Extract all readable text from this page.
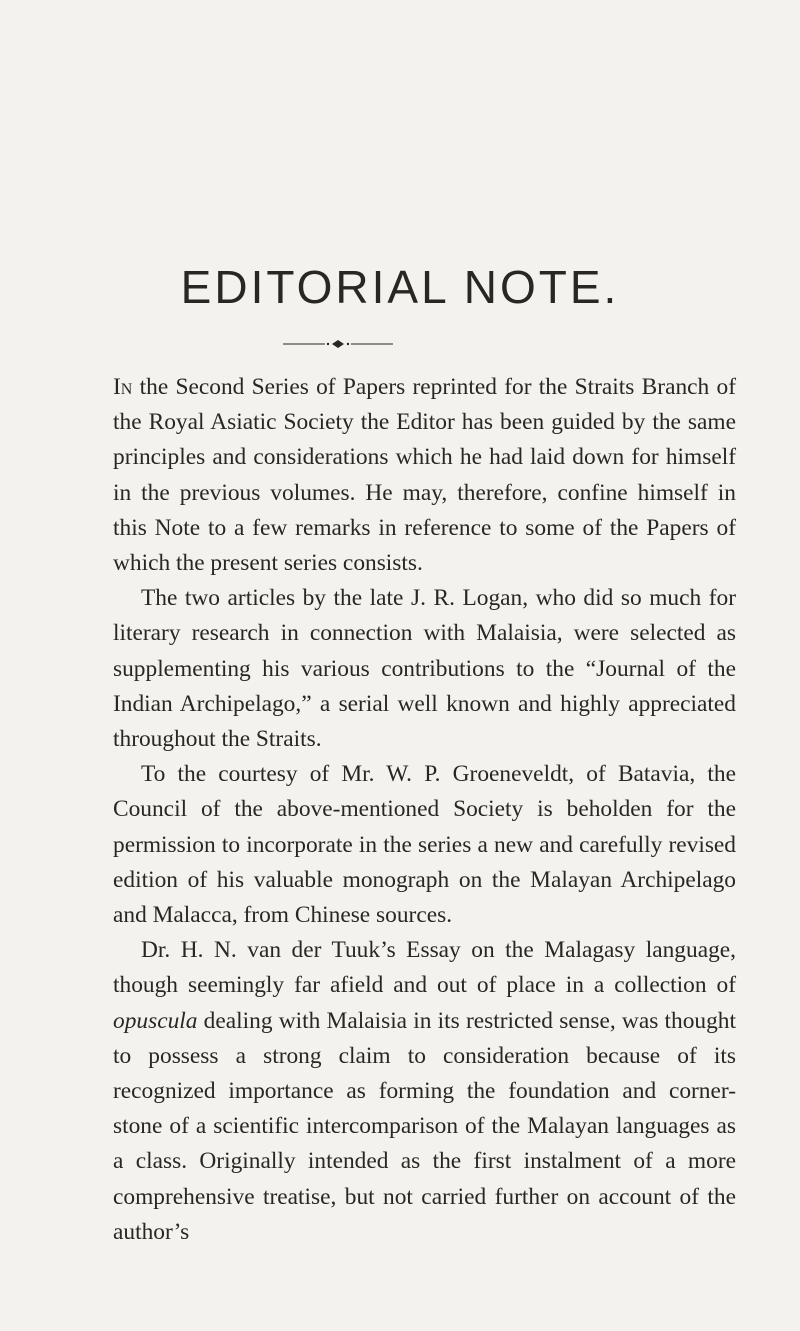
EDITORIAL NOTE.

In the Second Series of Papers reprinted for the Straits Branch of the Royal Asiatic Society the Editor has been guided by the same principles and considerations which he had laid down for himself in the previous volumes. He may, therefore, confine himself in this Note to a few remarks in reference to some of the Papers of which the present series consists.

The two articles by the late J. R. Logan, who did so much for literary research in connection with Malaisia, were selected as supplementing his various contributions to the “Journal of the Indian Archipelago,” a serial well known and highly appreciated throughout the Straits.

To the courtesy of Mr. W. P. Groeneveldt, of Batavia, the Council of the above-mentioned Society is beholden for the permission to incorporate in the series a new and carefully revised edition of his valuable monograph on the Malayan Archipelago and Malacca, from Chinese sources.

Dr. H. N. van der Tuuk’s Essay on the Malagasy language, though seemingly far afield and out of place in a collection of opuscula dealing with Malaisia in its restricted sense, was thought to possess a strong claim to consideration because of its recognized importance as forming the foundation and corner-stone of a scientific intercomparison of the Malayan languages as a class. Originally intended as the first instalment of a more comprehensive treatise, but not carried further on account of the author’s
